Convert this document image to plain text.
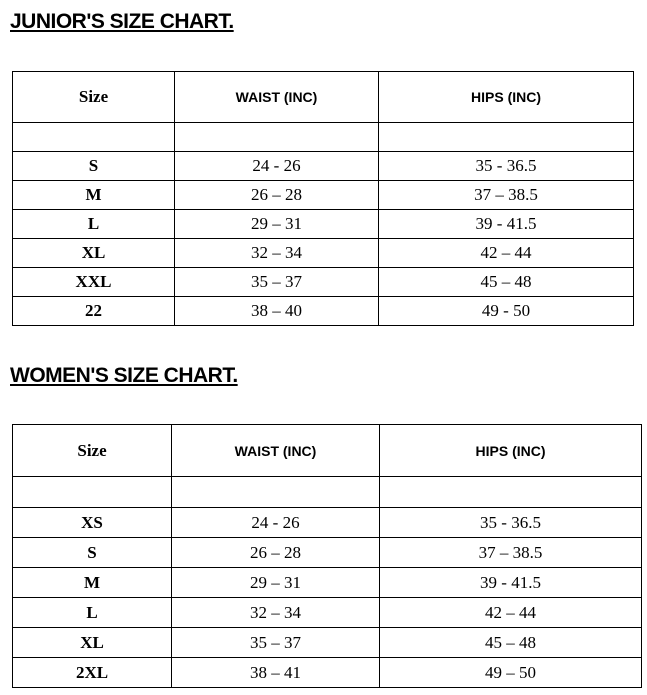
JUNIOR'S SIZE CHART.
Size	WAIST (INC)	HIPS (INC)

S	24 - 26	35 - 36.5
M	26 – 28	37 – 38.5
L	29 – 31	39 - 41.5
XL	32 – 34	42 – 44
XXL	35 – 37	45 – 48
22	38 – 40	49 - 50
WOMEN'S SIZE CHART.
Size	WAIST (INC)	HIPS (INC)

XS	24 - 26	35 - 36.5
S	26 – 28	37 – 38.5
M	29 – 31	39 - 41.5
L	32 – 34	42 – 44
XL	35 – 37	45 – 48
2XL	38 – 41	49 – 50
